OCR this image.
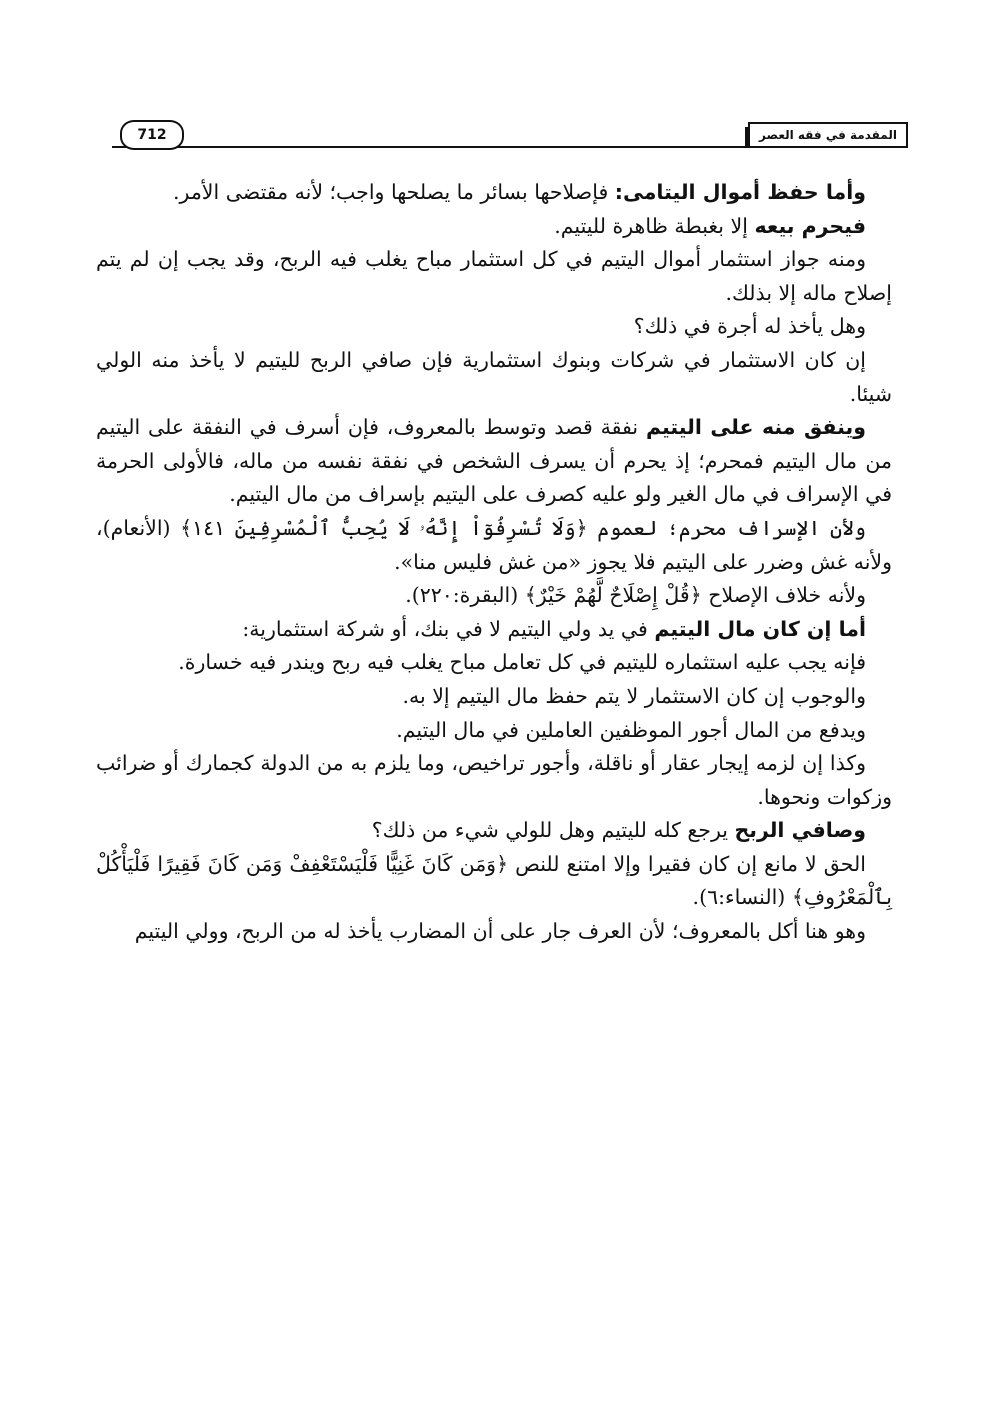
المقدمة في فقه العصر
712

وأما حفظ أموال اليتامى: فإصلاحها بسائر ما يصلحها واجب؛ لأنه مقتضى الأمر.

فيحرم بيعه إلا بغبطة ظاهرة لليتيم.

ومنه جواز استثمار أموال اليتيم في كل استثمار مباح يغلب فيه الربح، وقد يجب إن لم يتم إصلاح ماله إلا بذلك.

وهل يأخذ له أجرة في ذلك؟

إن كان الاستثمار في شركات وبنوك استثمارية فإن صافي الربح لليتيم لا يأخذ منه الولي شيئا.

وينفق منه على اليتيم نفقة قصد وتوسط بالمعروف، فإن أسرف في النفقة على اليتيم من مال اليتيم فمحرم؛ إذ يحرم أن يسرف الشخص في نفقة نفسه من ماله، فالأولى الحرمة في الإسراف في مال الغير ولو عليه كصرف على اليتيم بإسراف من مال اليتيم.

ولأن الإسراف محرم؛ لعموم ﴿وَلَا تُسْرِفُوٓاْ إِنَّهُۥ لَا يُحِبُّ ٱلْمُسْرِفِينَ ١٤١﴾ (الأنعام)، ولأنه غش وضرر على اليتيم فلا يجوز «من غش فليس منا».

ولأنه خلاف الإصلاح ﴿قُلْ إِصْلَاحٌ لَّهُمْ خَيْرٌ﴾ (البقرة:٢٢٠).

أما إن كان مال اليتيم في يد ولي اليتيم لا في بنك، أو شركة استثمارية:

فإنه يجب عليه استثماره لليتيم في كل تعامل مباح يغلب فيه ربح ويندر فيه خسارة.

والوجوب إن كان الاستثمار لا يتم حفظ مال اليتيم إلا به.

ويدفع من المال أجور الموظفين العاملين في مال اليتيم.

وكذا إن لزمه إيجار عقار أو ناقلة، وأجور تراخيص، وما يلزم به من الدولة كجمارك أو ضرائب وزكوات ونحوها.

وصافي الربح يرجع كله لليتيم وهل للولي شيء من ذلك؟

الحق لا مانع إن كان فقيرا وإلا امتنع للنص ﴿وَمَن كَانَ غَنِيًّا فَلْيَسْتَعْفِفْ وَمَن كَانَ فَقِيرًا فَلْيَأْكُلْ بِٱلْمَعْرُوفِ﴾ (النساء:٦).

وهو هنا أكل بالمعروف؛ لأن العرف جار على أن المضارب يأخذ له من الربح، وولي اليتيم
